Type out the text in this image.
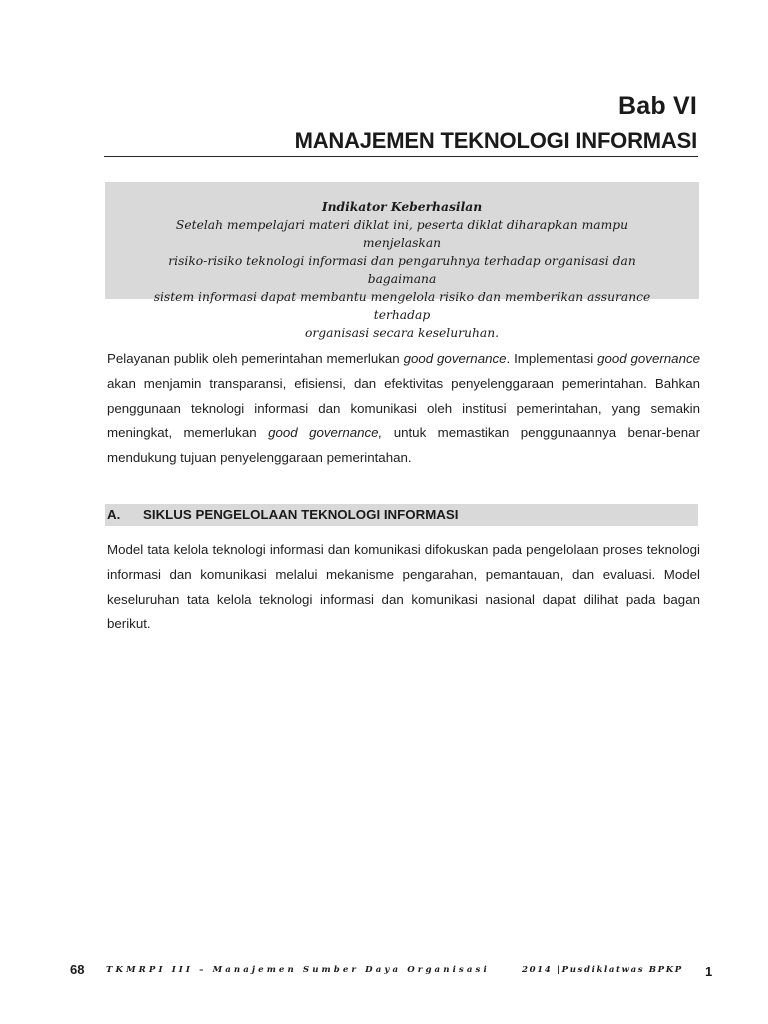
Bab VI
MANAJEMEN TEKNOLOGI INFORMASI
Indikator Keberhasilan
Setelah mempelajari materi diklat ini, peserta diklat diharapkan mampu menjelaskan
risiko-risiko teknologi informasi dan pengaruhnya terhadap organisasi dan bagaimana
sistem informasi dapat membantu mengelola risiko dan memberikan assurance terhadap
organisasi secara keseluruhan.

Pelayanan publik oleh pemerintahan memerlukan good governance. Implementasi good governance akan menjamin transparansi, efisiensi, dan efektivitas penyelenggaraan pemerintahan. Bahkan penggunaan teknologi informasi dan komunikasi oleh institusi pemerintahan, yang semakin meningkat, memerlukan good governance, untuk memastikan penggunaannya benar-benar mendukung tujuan penyelenggaraan pemerintahan.

A. SIKLUS PENGELOLAAN TEKNOLOGI INFORMASI

Model tata kelola teknologi informasi dan komunikasi difokuskan pada pengelolaan proses teknologi informasi dan komunikasi melalui mekanisme pengarahan, pemantauan, dan evaluasi. Model keseluruhan tata kelola teknologi informasi dan komunikasi nasional dapat dilihat pada bagan berikut.

68	TKMRPI III – Manajemen Sumber Daya Organisasi	2014 |Pusdiklatwas BPKP 1
